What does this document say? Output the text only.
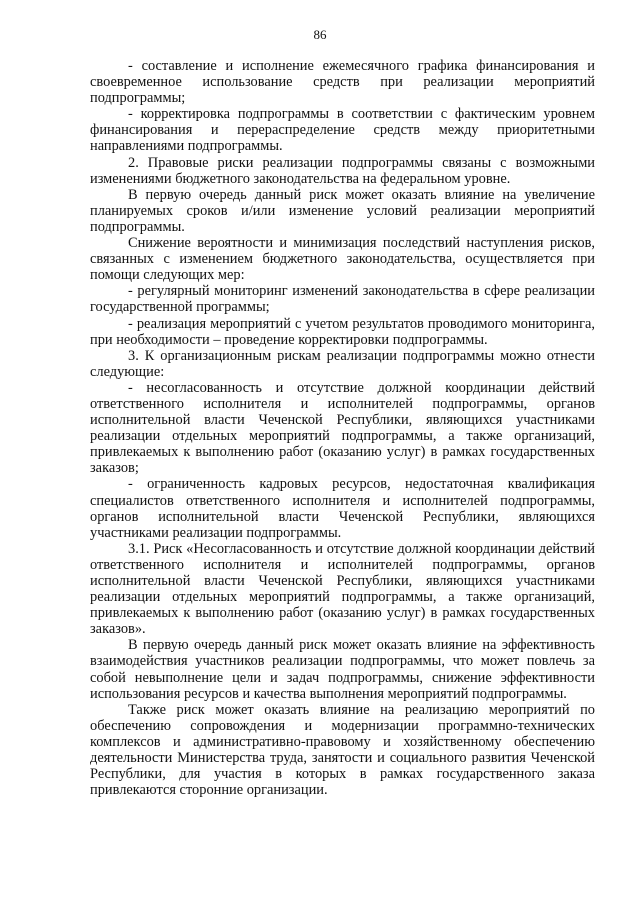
86

- составление и исполнение ежемесячного графика финансирования и своевременное использование средств при реализации мероприятий подпрограммы;

- корректировка подпрограммы в соответствии с фактическим уровнем финансирования и перераспределение средств между приоритетными направлениями подпрограммы.

2. Правовые риски реализации подпрограммы связаны с возможными изменениями бюджетного законодательства на федеральном уровне.

В первую очередь данный риск может оказать влияние на увеличение планируемых сроков и/или изменение условий реализации мероприятий подпрограммы.

Снижение вероятности и минимизация последствий наступления рисков, связанных с изменением бюджетного законодательства, осуществляется при помощи следующих мер:

- регулярный мониторинг изменений законодательства в сфере реализации государственной программы;

- реализация мероприятий с учетом результатов проводимого мониторинга, при необходимости – проведение корректировки подпрограммы.

3. К организационным рискам реализации подпрограммы можно отнести следующие:

- несогласованность и отсутствие должной координации действий ответственного исполнителя и исполнителей подпрограммы, органов исполнительной власти Чеченской Республики, являющихся участниками реализации отдельных мероприятий подпрограммы, а также организаций, привлекаемых к выполнению работ (оказанию услуг) в рамках государственных заказов;

- ограниченность кадровых ресурсов, недостаточная квалификация специалистов ответственного исполнителя и исполнителей подпрограммы, органов исполнительной власти Чеченской Республики, являющихся участниками реализации подпрограммы.

3.1. Риск «Несогласованность и отсутствие должной координации действий ответственного исполнителя и исполнителей подпрограммы, органов исполнительной власти Чеченской Республики, являющихся участниками реализации отдельных мероприятий подпрограммы, а также организаций, привлекаемых к выполнению работ (оказанию услуг) в рамках государственных заказов».

В первую очередь данный риск может оказать влияние на эффективность взаимодействия участников реализации подпрограммы, что может повлечь за собой невыполнение цели и задач подпрограммы, снижение эффективности использования ресурсов и качества выполнения мероприятий подпрограммы.

Также риск может оказать влияние на реализацию мероприятий по обеспечению сопровождения и модернизации программно-технических комплексов и административно-правовому и хозяйственному обеспечению деятельности Министерства труда, занятости и социального развития Чеченской Республики, для участия в которых в рамках государственного заказа привлекаются сторонние организации.
